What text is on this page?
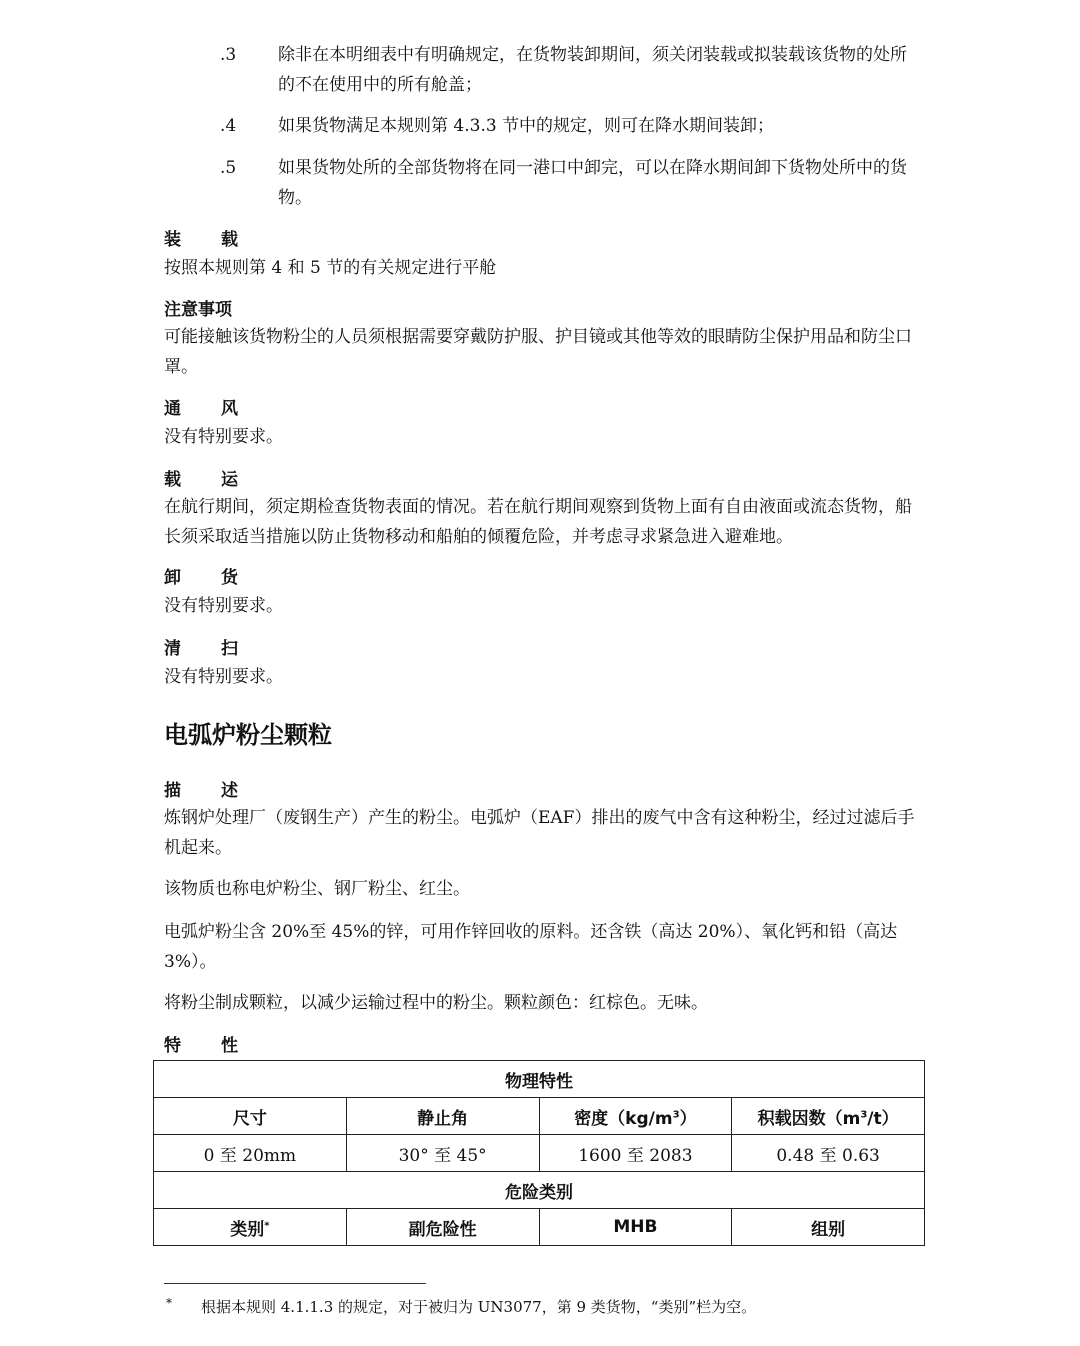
.3 除非在本明细表中有明确规定，在货物装卸期间，须关闭装载或拟装载该货物的处所的不在使用中的所有舱盖；
.4 如果货物满足本规则第 4.3.3 节中的规定，则可在降水期间装卸；
.5 如果货物处所的全部货物将在同一港口中卸完，可以在降水期间卸下货物处所中的货物。
装载
按照本规则第 4 和 5 节的有关规定进行平舱
注意事项
可能接触该货物粉尘的人员须根据需要穿戴防护服、护目镜或其他等效的眼睛防尘保护用品和防尘口罩。
通风
没有特别要求。
载运
在航行期间，须定期检查货物表面的情况。若在航行期间观察到货物上面有自由液面或流态货物，船长须采取适当措施以防止货物移动和船舶的倾覆危险，并考虑寻求紧急进入避难地。
卸货
没有特别要求。
清扫
没有特别要求。
电弧炉粉尘颗粒
描述
炼钢炉处理厂（废钢生产）产生的粉尘。电弧炉（EAF）排出的废气中含有这种粉尘，经过过滤后手机起来。
该物质也称电炉粉尘、钢厂粉尘、红尘。
电弧炉粉尘含 20%至 45%的锌，可用作锌回收的原料。还含铁（高达 20%）、氧化钙和铅（高达 3%）。
将粉尘制成颗粒，以减少运输过程中的粉尘。颗粒颜色：红棕色。无味。
特性
物理特性			
尺寸	静止角	密度$(kg/m^3)$	积载因数$(m^3/t)$
0 至 20mm	30° 至 45°	1600 至 2083	0.48 至 0.63
危险类别			
类别*	副危险性	MHB	组别
* 根据本规则 4.1.1.3 的规定，对于被归为 UN3077，第 9 类货物，“类别”栏为空。
